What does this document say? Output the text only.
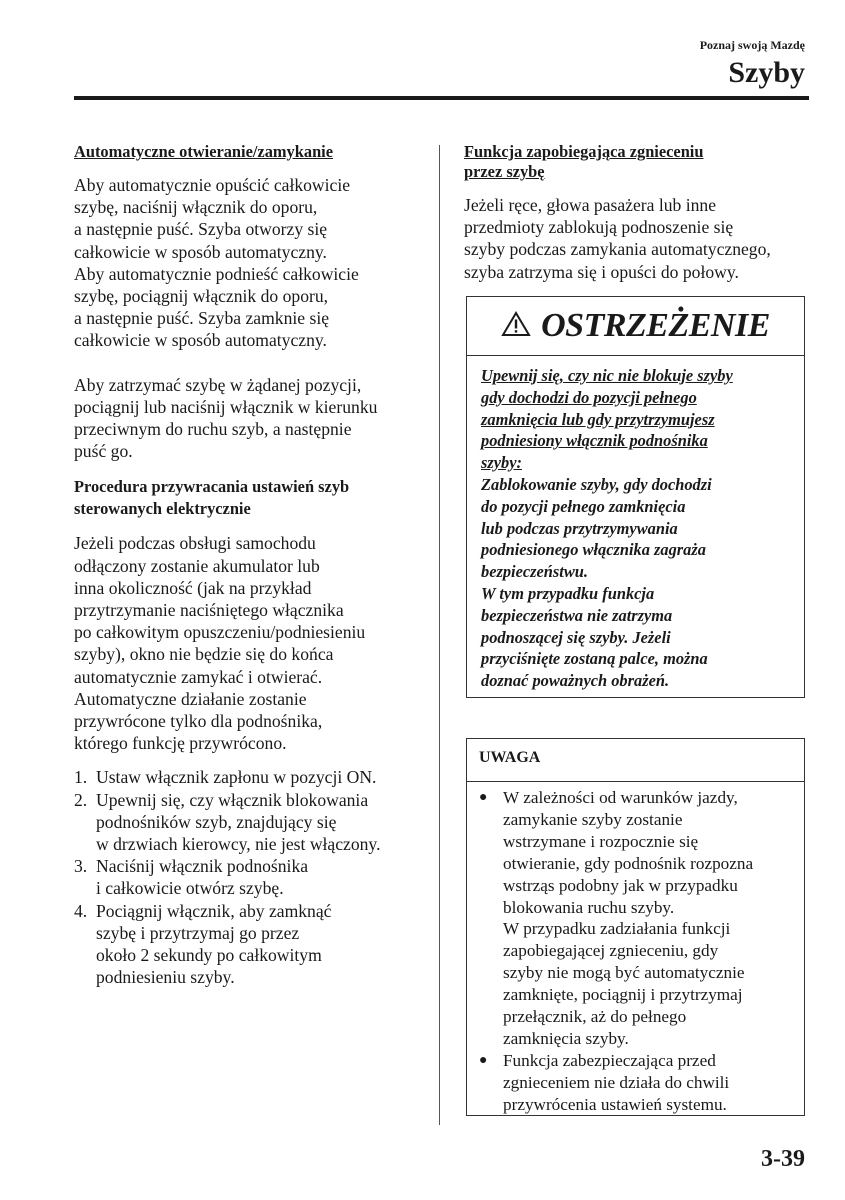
Poznaj swoją Mazdę
Szyby

Automatyczne otwieranie/zamykanie

Aby automatycznie opuścić całkowicie
szybę, naciśnij włącznik do oporu,
a następnie puść. Szyba otworzy się
całkowicie w sposób automatyczny.
Aby automatycznie podnieść całkowicie
szybę, pociągnij włącznik do oporu,
a następnie puść. Szyba zamknie się
całkowicie w sposób automatyczny.

Aby zatrzymać szybę w żądanej pozycji,
pociągnij lub naciśnij włącznik w kierunku
przeciwnym do ruchu szyb, a następnie
puść go.

Procedura przywracania ustawień szyb
sterowanych elektrycznie

Jeżeli podczas obsługi samochodu
odłączony zostanie akumulator lub
inna okoliczność (jak na przykład
przytrzymanie naciśniętego włącznika
po całkowitym opuszczeniu/podniesieniu
szyby), okno nie będzie się do końca
automatycznie zamykać i otwierać.
Automatyczne działanie zostanie
przywrócone tylko dla podnośnika,
którego funkcję przywrócono.

1. Ustaw włącznik zapłonu w pozycji ON.
2. Upewnij się, czy włącznik blokowania
podnośników szyb, znajdujący się
w drzwiach kierowcy, nie jest włączony.
3. Naciśnij włącznik podnośnika
i całkowicie otwórz szybę.
4. Pociągnij włącznik, aby zamknąć
szybę i przytrzymaj go przez
około 2 sekundy po całkowitym
podniesieniu szyby.

Funkcja zapobiegająca zgnieceniu
przez szybę

Jeżeli ręce, głowa pasażera lub inne
przedmioty zablokują podnoszenie się
szyby podczas zamykania automatycznego,
szyba zatrzyma się i opuści do połowy.

OSTRZEŻENIE
Upewnij się, czy nic nie blokuje szyby
gdy dochodzi do pozycji pełnego
zamknięcia lub gdy przytrzymujesz
podniesiony włącznik podnośnika
szyby:
Zablokowanie szyby, gdy dochodzi
do pozycji pełnego zamknięcia
lub podczas przytrzymywania
podniesionego włącznika zagraża
bezpieczeństwu.
W tym przypadku funkcja
bezpieczeństwa nie zatrzyma
podnoszącej się szyby. Jeżeli
przyciśnięte zostaną palce, można
doznać poważnych obrażeń.
UWAGA
● W zależności od warunków jazdy,
zamykanie szyby zostanie
wstrzymane i rozpocznie się
otwieranie, gdy podnośnik rozpozna
wstrząs podobny jak w przypadku
blokowania ruchu szyby.
W przypadku zadziałania funkcji
zapobiegającej zgnieceniu, gdy
szyby nie mogą być automatycznie
zamknięte, pociągnij i przytrzymaj
przełącznik, aż do pełnego
zamknięcia szyby.
● Funkcja zabezpieczająca przed
zgnieceniem nie działa do chwili
przywrócenia ustawień systemu.
3-39
